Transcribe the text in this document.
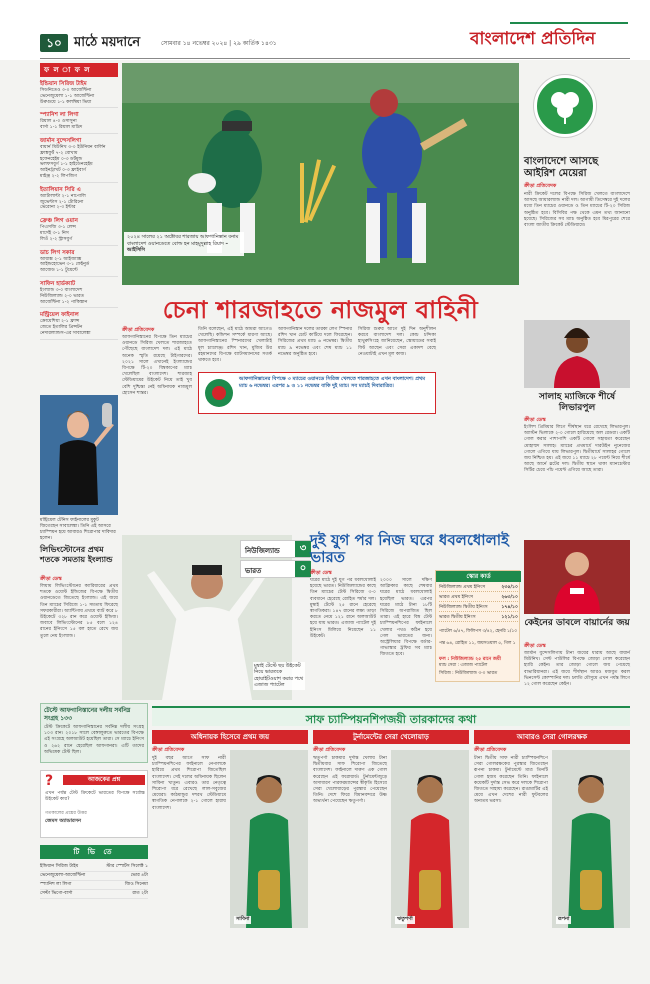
১০ মাঠে ময়দানে	সোমবার ১৪ নভেম্বর ২০২৪ | ২৯ কার্তিক ১৪৩১	বাংলাদেশ প্রতিদিন
ফ ল া ফ ল
ইন্ডিয়ান সিরিজ টাইম
সিডনিতেও ৩-০ আর্জেন্টিনা
ভেনেজুয়েলা ১-১ আর্জেন্টিনা
উরুগুয়ে ১-১ কলম্বিয়া ভিয়া
স্প্যানিশ লা লিগা
রিয়াল ৪-০ ওসাসুনা
বার্সা ১-১ রিয়াল মাদ্রিদ
জার্মান বুন্দেসলিগা
বায়ার্ন মিউনিখ ৩-০ ইউনিয়ন বার্লিন
ফ্রাঙ্কফুর্ট ৭-২ বোখাম
হফেনহেইম ০-৩ ডর্টমুন্ড
ভলফসবুর্গ ১-১ হাইডেনহেইম
আইনট্রাখট ০-৩ ফ্রাইবার্গ
মাইঞ্জ ২-২ লিপজিগ
ইতালিয়ান সিরি এ
অ্যাটালান্টা ২-১ নাপোলি
জুভেন্টাস ২-১ টোরিনো
ভেরোনা ২-৩ ইন্টার
ফ্রেঞ্চ লিগ ওয়ান
পিএসজি ৩-১ লেন্স
মার্সেই ৩-১ নিস
লিওঁ ২-২ স্ট্রাসবুর্গ
ডাচ লিগ সকার
আয়াক্স ২-১ আইজ্যাক্স
আইন্ডহোভেন ৩-১ ফেইনুর্ড
আজেড ১-১ টুয়েন্টে
সাফিন হার্ডক্যাট
ইংল্যান্ড ৩-০ বাংলাদেশ
নিউজিল্যান্ড ২-০ ভারত
আর্জেন্টিনা ১-২ পাকিস্তান
মন্ট্রিয়েল ফাইনাল
ক্রোয়েশিয়া ২-১ ফ্রান্স
জেতে ইতালির প্রিন্সটন
নেদারল্যান্ডস-এর সাবালেঙ্কা
মন্ট্রিয়েল টেনিস ফাইনালের মুকুট জিতেছেন সাবালেঙ্কা। তিনি এই আসরে চ্যাম্পিয়ন হয়ে আবারও শিরোপার দাবিদার হলেন।
২০২৪ সালের ২১ অক্টোবর শারজায় আফগানিস্তান বনাম বাংলাদেশ ওয়ানডেতে বোল্ড হন মাহমুদুল্লাহ রিয়াদ –আইসিসি
বাংলাদেশে আসছে আইরিশ মেয়েরা
ক্রীড়া প্রতিবেদক
নারী ক্রিকেট দলের বিপক্ষে সিরিজ খেলতে বাংলাদেশে আসছে আয়ারল্যান্ড নারী দল। আগামী ডিসেম্বরে দুই দলের মধ্যে তিন ম্যাচের ওয়ানডে ও তিন ম্যাচের টি-২০ সিরিজ অনুষ্ঠিত হবে। বিসিবির পক্ষ থেকে এমন তথ্য জানানো হয়েছে। সিরিজের সব ম্যাচ অনুষ্ঠিত হবে মিরপুরের শেরে বাংলা জাতীয় ক্রিকেট স্টেডিয়ামে।
চেনা শারজাহতে নাজমুল বাহিনী
ক্রীড়া প্রতিবেদক
আফগানিস্তানের বিপক্ষে তিন ম্যাচের ওয়ানডে সিরিজ খেলতে শারজাহতে পৌঁছেছে বাংলাদেশ দল। এই মাঠে অনেক স্মৃতি রয়েছে টাইগারদের। ২০২১ সালে এখানেই ইংল্যান্ডের বিপক্ষে টি-২০ বিশ্বকাপের ম্যাচ খেলেছিল বাংলাদেশ। শারজাহ স্টেডিয়ামের উইকেট নিয়ে তাই খুব বেশি দুশ্চিন্তা নেই অধিনায়ক নাজমুল হোসেন শান্তর।
তিনি বলেছেন, এই মাঠে আমরা আগেও খেলেছি। কন্ডিশন সম্পর্কে ধারণা আছে। আফগানিস্তানের স্পিনারদের খেলাটাই মূল চ্যালেঞ্জ। রশিদ খান, মুজিব উর রহমানদের বিপক্ষে ব্যাটসম্যানদের সতর্ক থাকতে হবে।
আফগানিস্তান দলের তারকা লেগ স্পিনার রশিদ খান চোট কাটিয়ে দলে ফিরেছেন। সিরিজের প্রথম ম্যাচ ৬ নভেম্বর। দ্বিতীয় ম্যাচ ৯ নভেম্বর এবং শেষ ম্যাচ ১১ নভেম্বর অনুষ্ঠিত হবে।
সিরিজ শুরুর আগে দুই দিন অনুশীলন করবে বাংলাদেশ দল। কোচ চন্দিকা হাথুরুসিংহে জানিয়েছেন, স্কোয়াডের সবাই ফিট আছেন এবং সেরা একাদশ বেছে নেওয়াটাই এখন মূল কাজ।
আফগানিস্তানের বিপক্ষে ৩ ম্যাচের ওয়ানডে সিরিজ খেলতে শারজাহতে এখন বাংলাদেশ। প্রথম ম্যাচ ৬ নভেম্বর। এরপর ৯ ও ১১ নভেম্বর বাকি দুই ম্যাচ। সব ম্যাচই দিবারাত্রির।
সালাহ ম্যাজিকে শীর্ষে লিভারপুল
ক্রীড়া ডেস্ক
ইংলিশ প্রিমিয়ার লিগে শীর্ষস্থান ধরে রেখেছে লিভারপুল। অ্যাস্টন ভিলাকে ২-০ গোলে হারিয়েছে অল রেডরা। একটি গোল করার পাশাপাশি একটি গোলে সহায়তা করেছেন মোহাম্মদ সালাহ। ম্যাচের প্রথমার্ধে দারউইন নুনেজের গোলে এগিয়ে যায় লিভারপুল। দ্বিতীয়ার্ধে সালাহর গোলে জয় নিশ্চিত হয়। এই জয়ে ১১ ম্যাচে ২৮ পয়েন্ট নিয়ে শীর্ষে আছে আর্নে স্লটের দল। দ্বিতীয় স্থানে থাকা ম্যানচেস্টার সিটির চেয়ে পাঁচ পয়েন্ট এগিয়ে আছে তারা।
লিভিংস্টোনের প্রথম শতকে সমতায় ইংল্যান্ড
ক্রীড়া ডেস্ক
লিয়াম লিভিংস্টোনের ক্যারিয়ারের প্রথম শতকে ওয়েস্ট ইন্ডিজের বিপক্ষে দ্বিতীয় ওয়ানডেতে জিতেছে ইংল্যান্ড। এই জয়ে তিন ম্যাচের সিরিজে ১-১ সমতায় ফিরেছে সফরকারীরা। অ্যান্টিগায় প্রথমে ব্যাট করে ৮ উইকেটে ৩২৮ রান করে ওয়েস্ট ইন্ডিজ। জবাবে লিভিংস্টোনের ৮৫ বলে ১২৪ রানের ইনিংসে ১৫ বল হাতে রেখে জয় তুলে নেয় ইংল্যান্ড।
নিউজিল্যান্ড	৩
ভারত	০
মুম্বাই টেস্টে ছয় উইকেট নিয়ে ভারতকে হোয়াইটওয়াশ করার পথে এজাজ প্যাটেল
দুই যুগ পর নিজ ঘরে ধবলধোলাই ভারত
ক্রীড়া ডেস্ক
ঘরের মাঠে দুই যুগ পর ধবলধোলাই হয়েছে ভারত। নিউজিল্যান্ডের কাছে তিন ম্যাচের টেস্ট সিরিজে ৩-০ ব্যবধানে হেরেছে রোহিত শর্মার দল। মুম্বাই টেস্টে ২৫ রানে হেরেছে স্বাগতিকরা। ১৪৭ রানের লক্ষ্য তাড়া করতে নেমে ১২১ রানে অলআউট হয়ে যায় ভারত। এজাজ প্যাটেল দুই ইনিংস মিলিয়ে নিয়েছেন ১১ উইকেট।
২০০০ সালে দক্ষিণ আফ্রিকার কাছে শেষবার ঘরের মাঠে ধবলধোলাই হয়েছিল ভারত। এরপর ঘরের মাঠে টানা ১৮টি সিরিজে অপরাজিত ছিল তারা। এই হারে বিশ্ব টেস্ট চ্যাম্পিয়নশিপের ফাইনালে খেলার পথও কঠিন হয়ে গেল ভারতের জন্য। অস্ট্রেলিয়ার বিপক্ষে বর্ডার-গাভাস্কার ট্রফির সব ম্যাচ জিততে হবে।
স্কোর কার্ড
নিউজিল্যান্ড প্রথম ইনিংস	২৩৫/১০
ভারত প্রথম ইনিংস	২৬৩/১০
নিউজিল্যান্ড দ্বিতীয় ইনিংস	১৭৪/১০
ভারত দ্বিতীয় ইনিংস	১২১/১০
প্যাটেল ৬/৫৭, ফিলিপস ৩/৪২, হেনরি ১/১০
পন্ত ৬৪, রোহিত ১১, জয়সওয়াল ৫, গিল ১
ফল : নিউজিল্যান্ড ২৫ রানে জয়ী
ম্যাচ সেরা : এজাজ প্যাটেল
সিরিজ : নিউজিল্যান্ড ৩-০ ভারত
কেইনের ডাবলে বায়ার্নের জয়
ক্রীড়া ডেস্ক
জার্মান বুন্দেসলিগায় টানা জয়ের ধারায় আছে বায়ার্ন মিউনিখ। সেন্ট পাউলির বিপক্ষে জোড়া গোল করেছেন হ্যারি কেইন। তার জোড়া গোলে জয় পেয়েছে বাভারিয়ানরা। এই জয়ে শীর্ষস্থান আরও মজবুত করল ভিনসেন্ট কোম্পানির দল। চলতি মৌসুমে এখন পর্যন্ত লিগে ১২ গোল করেছেন কেইন।
টেস্টে আফগানিস্তানের দলীয় সর্বনিম্ন সংগ্রহ ১৩৩
টেস্ট ক্রিকেটে আফগানিস্তানের সর্বনিম্ন দলীয় সংগ্রহ ১০৩ রান। ২০১৮ সালে বেঙ্গালুরুতে ভারতের বিপক্ষে এই সংগ্রহে অলআউট হয়েছিল তারা। সে ম্যাচে ইনিংস ও ২৬২ রানে হেরেছিল আফগানরা। এটি তাদের অভিষেক টেস্ট ছিল।
?	আজকের প্রশ্ন
এখন পর্যন্ত টেস্ট ক্রিকেটে ভারতের বিপক্ষে সর্বোচ্চ উইকেট কার?
গতকালের প্রশ্নের উত্তর
জেমস অ্যান্ডারসন
টি ভি তে
ইন্ডিয়ান সিরিজ টাইম	স্টার স্পোর্টস সিলেক্ট ১
ভেনেজুয়েলা-আর্জেন্টিনা	ভোর ৪টা
স্প্যানিশ লা লিগা	জিও সিনেমা
সেল্টা ভিগো-বার্সা	রাত ২টা
সাফ চ্যাম্পিয়নশিপজয়ী তারকাদের কথা
অধিনায়ক হিসেবে প্রথম জয়
ক্রীড়া প্রতিবেদক
দুই বছর আগে সাফ নারী চ্যাম্পিয়নশিপের ফাইনালে নেপালকে হারিয়ে প্রথম শিরোপা জিতেছিল বাংলাদেশ। সেই দলের অধিনায়ক ছিলেন সাবিনা খাতুন। এবারও তার নেতৃত্বে শিরোপা ধরে রেখেছে লাল-সবুজের মেয়েরা। কাঠমান্ডুর দশরথ স্টেডিয়ামে স্বাগতিক নেপালকে ২-১ গোলে হারায় বাংলাদেশ।
সাবিনা
টুর্নামেন্টের সেরা খেলোয়াড়
ক্রীড়া প্রতিবেদক
ঋতুপর্ণা চাকমার দুর্দান্ত খেলায় টানা দ্বিতীয়বার সাফ শিরোপা জিতেছে বাংলাদেশ। ফাইনালে দারুণ এক গোল করেছেন এই ফরোয়ার্ড। টুর্নামেন্টজুড়ে অসাধারণ পারফরম্যান্সের স্বীকৃতি হিসেবে সেরা খেলোয়াড়ের পুরস্কার পেয়েছেন তিনি। দেশে ফিরে বিমানবন্দরে উষ্ণ অভ্যর্থনা পেয়েছেন ঋতুপর্ণা।
ঋতুপর্ণা
আবারও সেরা গোলরক্ষক
ক্রীড়া প্রতিবেদক
টানা দ্বিতীয় সাফ নারী চ্যাম্পিয়নশিপে সেরা গোলরক্ষকের পুরস্কার জিতেছেন রূপনা চাকমা। টুর্নামেন্টে মাত্র তিনটি গোল হজম করেছেন তিনি। ফাইনালে কয়েকটি দুর্দান্ত সেভ করে দলকে শিরোপা জিততে সাহায্য করেছেন। রাঙামাটির এই মেয়ে এখন দেশের নারী ফুটবলের অন্যতম ভরসা।
রূপনা
